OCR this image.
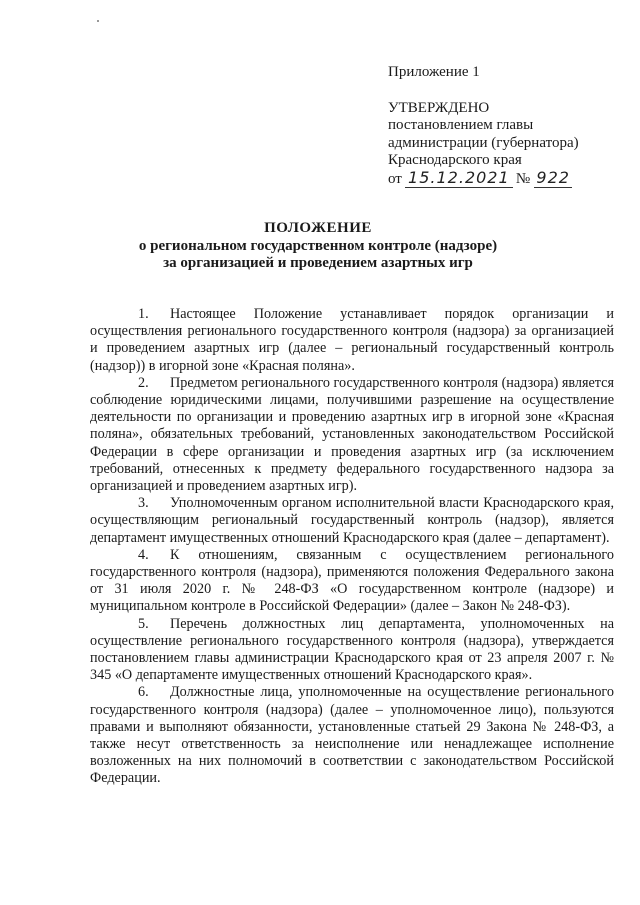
Приложение 1
УТВЕРЖДЕНО
постановлением главы
администрации (губернатора)
Краснодарского края
от 15.12.2021 № 922
ПОЛОЖЕНИЕ
о региональном государственном контроле (надзоре)
за организацией и проведением азартных игр

1. Настоящее Положение устанавливает порядок организации и осуществления регионального государственного контроля (надзора) за организацией и проведением азартных игр (далее – региональный государственный контроль (надзор)) в игорной зоне «Красная поляна».

2. Предметом регионального государственного контроля (надзора) является соблюдение юридическими лицами, получившими разрешение на осуществление деятельности по организации и проведению азартных игр в игорной зоне «Красная поляна», обязательных требований, установленных законодательством Российской Федерации в сфере организации и проведения азартных игр (за исключением требований, отнесенных к предмету федерального государственного надзора за организацией и проведением азартных игр).

3. Уполномоченным органом исполнительной власти Краснодарского края, осуществляющим региональный государственный контроль (надзор), является департамент имущественных отношений Краснодарского края (далее – департамент).

4. К отношениям, связанным с осуществлением регионального государственного контроля (надзора), применяются положения Федерального закона от 31 июля 2020 г. № 248-ФЗ «О государственном контроле (надзоре) и муниципальном контроле в Российской Федерации» (далее – Закон № 248-ФЗ).

5. Перечень должностных лиц департамента, уполномоченных на осуществление регионального государственного контроля (надзора), утверждается постановлением главы администрации Краснодарского края от 23 апреля 2007 г. № 345 «О департаменте имущественных отношений Краснодарского края».

6. Должностные лица, уполномоченные на осуществление регионального государственного контроля (надзора) (далее – уполномоченное лицо), пользуются правами и выполняют обязанности, установленные статьей 29 Закона № 248-ФЗ, а также несут ответственность за неисполнение или ненадлежащее исполнение возложенных на них полномочий в соответствии с законодательством Российской Федерации.
